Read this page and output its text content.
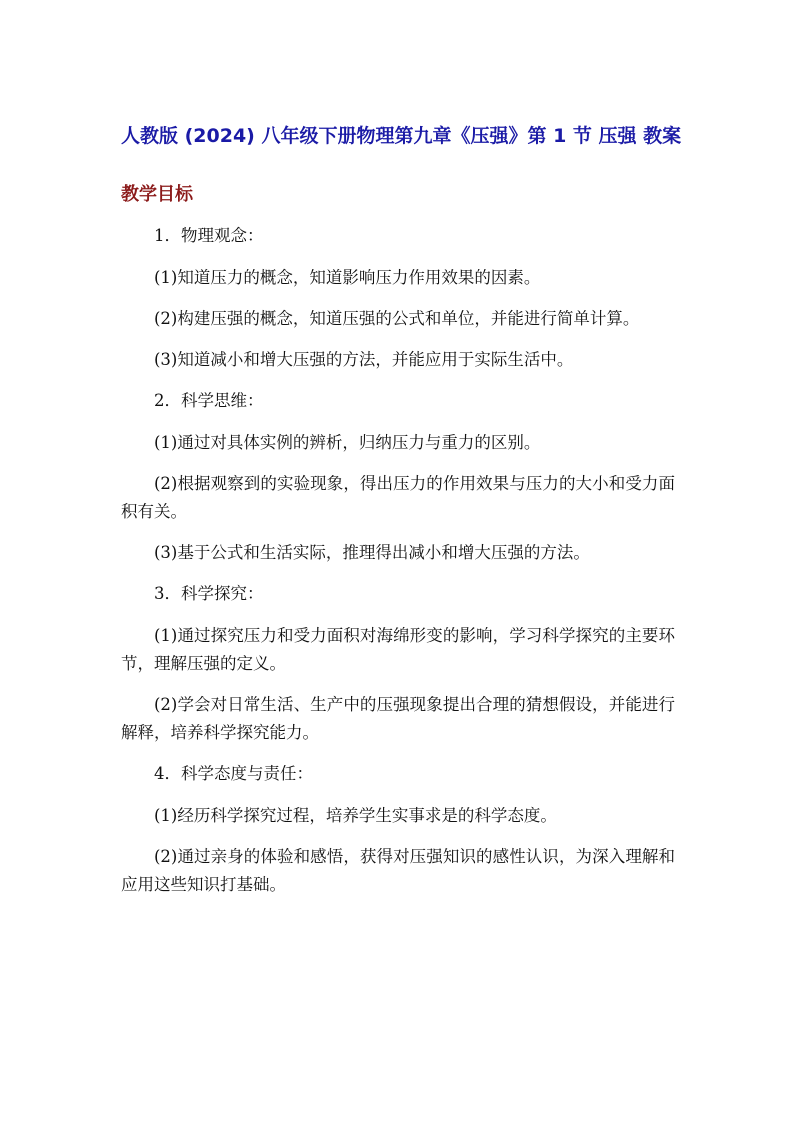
人教版 (2024) 八年级下册物理第九章《压强》第 1 节 压强 教案
教学目标

1．物理观念：

(1)知道压力的概念，知道影响压力作用效果的因素。

(2)构建压强的概念，知道压强的公式和单位，并能进行简单计算。

(3)知道减小和增大压强的方法，并能应用于实际生活中。

2．科学思维：

(1)通过对具体实例的辨析，归纳压力与重力的区别。

(2)根据观察到的实验现象，得出压力的作用效果与压力的大小和受力面积有关。

(3)基于公式和生活实际，推理得出减小和增大压强的方法。

3．科学探究：

(1)通过探究压力和受力面积对海绵形变的影响，学习科学探究的主要环节，理解压强的定义。

(2)学会对日常生活、生产中的压强现象提出合理的猜想假设，并能进行解释，培养科学探究能力。

4．科学态度与责任：

(1)经历科学探究过程，培养学生实事求是的科学态度。

(2)通过亲身的体验和感悟，获得对压强知识的感性认识，为深入理解和应用这些知识打基础。
